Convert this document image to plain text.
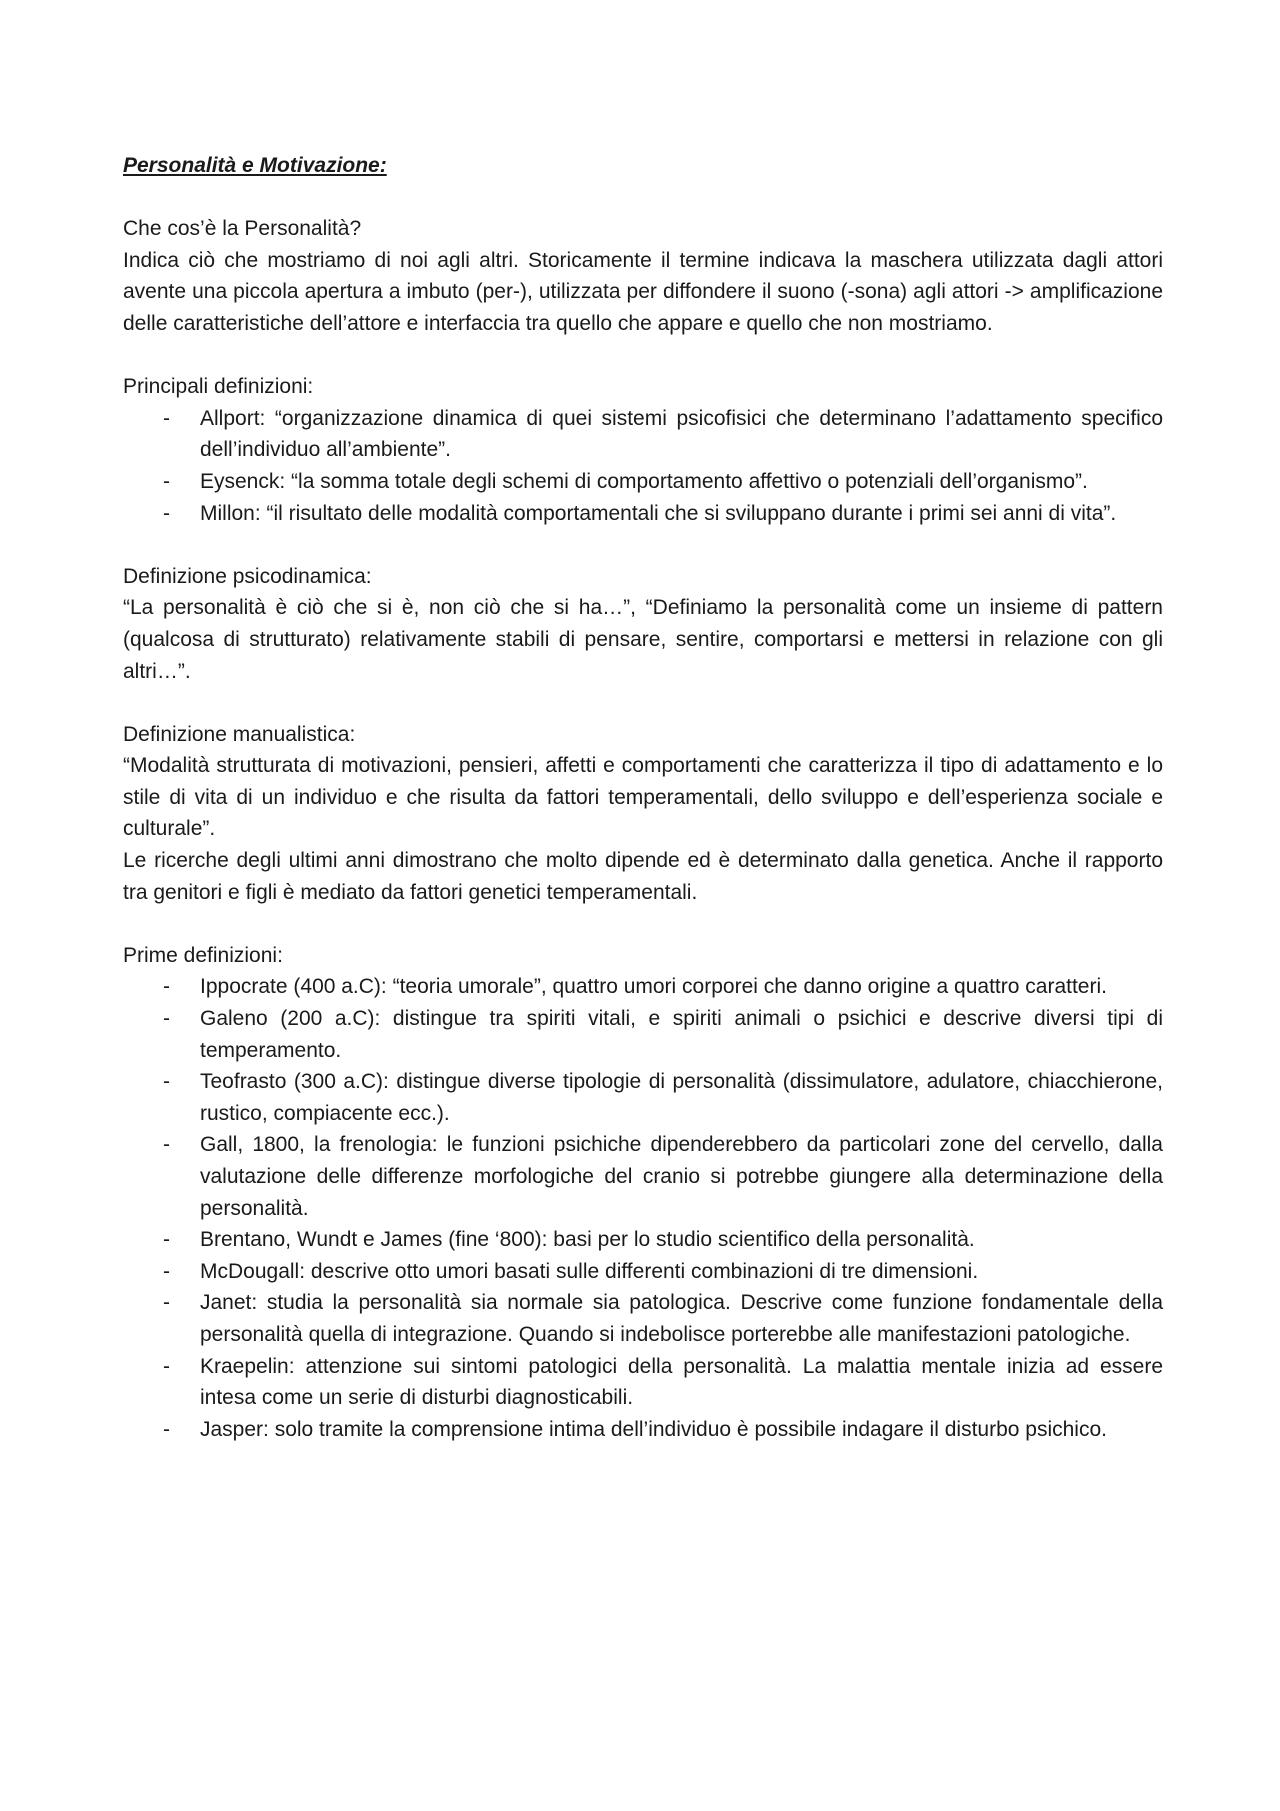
Personalità e Motivazione:

Che cos’è la Personalità?

Indica ciò che mostriamo di noi agli altri. Storicamente il termine indicava la maschera utilizzata dagli attori avente una piccola apertura a imbuto (per-), utilizzata per diffondere il suono (-sona) agli attori -> amplificazione delle caratteristiche dell’attore e interfaccia tra quello che appare e quello che non mostriamo.

Principali definizioni:

- Allport: “organizzazione dinamica di quei sistemi psicofisici che determinano l’adattamento specifico dell’individuo all’ambiente”.
- Eysenck: “la somma totale degli schemi di comportamento affettivo o potenziali dell’organismo”.
- Millon: “il risultato delle modalità comportamentali che si sviluppano durante i primi sei anni di vita”.

Definizione psicodinamica:

“La personalità è ciò che si è, non ciò che si ha…”, “Definiamo la personalità come un insieme di pattern (qualcosa di strutturato) relativamente stabili di pensare, sentire, comportarsi e mettersi in relazione con gli altri…”.

Definizione manualistica:

“Modalità strutturata di motivazioni, pensieri, affetti e comportamenti che caratterizza il tipo di adattamento e lo stile di vita di un individuo e che risulta da fattori temperamentali, dello sviluppo e dell’esperienza sociale e culturale”.

Le ricerche degli ultimi anni dimostrano che molto dipende ed è determinato dalla genetica. Anche il rapporto tra genitori e figli è mediato da fattori genetici temperamentali.

Prime definizioni:

- Ippocrate (400 a.C): “teoria umorale”, quattro umori corporei che danno origine a quattro caratteri.
- Galeno (200 a.C): distingue tra spiriti vitali, e spiriti animali o psichici e descrive diversi tipi di temperamento.
- Teofrasto (300 a.C): distingue diverse tipologie di personalità (dissimulatore, adulatore, chiacchierone, rustico, compiacente ecc.).
- Gall, 1800, la frenologia: le funzioni psichiche dipenderebbero da particolari zone del cervello, dalla valutazione delle differenze morfologiche del cranio si potrebbe giungere alla determinazione della personalità.
- Brentano, Wundt e James (fine ‘800): basi per lo studio scientifico della personalità.
- McDougall: descrive otto umori basati sulle differenti combinazioni di tre dimensioni.
- Janet: studia la personalità sia normale sia patologica. Descrive come funzione fondamentale della personalità quella di integrazione. Quando si indebolisce porterebbe alle manifestazioni patologiche.
- Kraepelin: attenzione sui sintomi patologici della personalità. La malattia mentale inizia ad essere intesa come un serie di disturbi diagnosticabili.
- Jasper: solo tramite la comprensione intima dell’individuo è possibile indagare il disturbo psichico.
